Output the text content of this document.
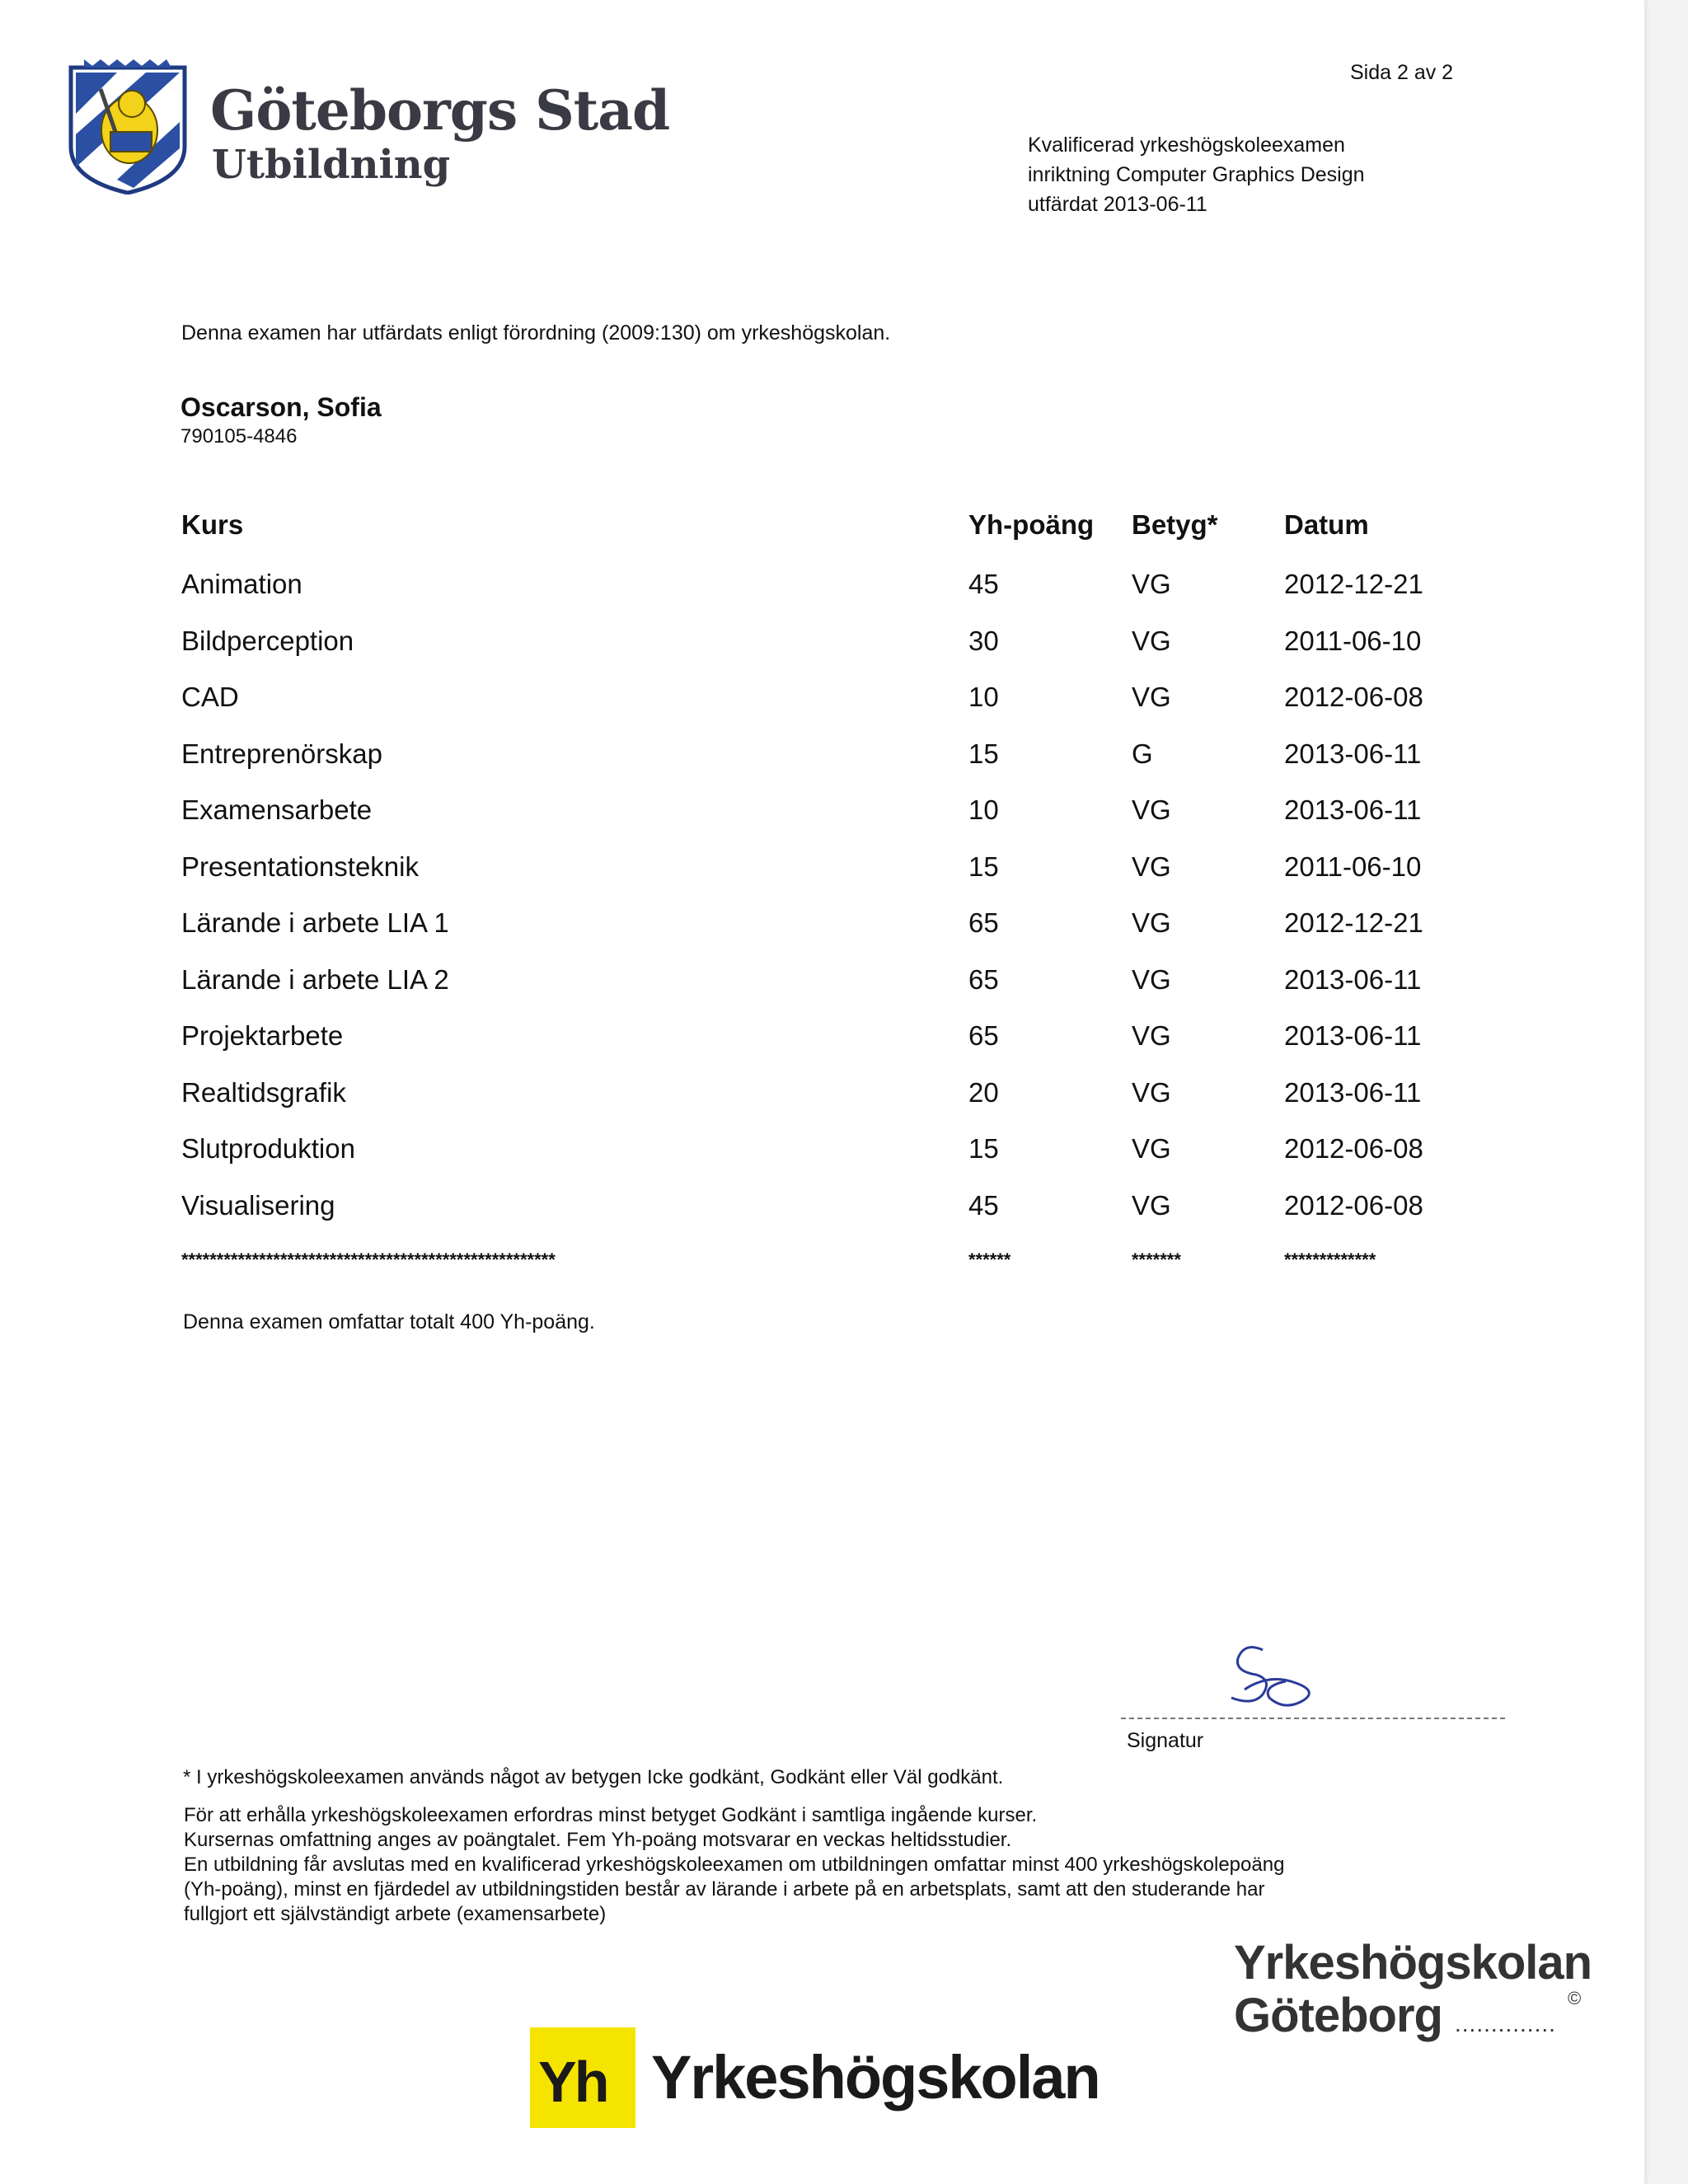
Göteborgs Stad
Utbildning
Sida 2 av 2
Kvalificerad yrkeshögskoleexamen
inriktning Computer Graphics Design
utfärdat 2013-06-11
Denna examen har utfärdats enligt förordning (2009:130) om yrkeshögskolan.
Oscarson, Sofia
790105-4846
Kurs	Yh-poäng Betyg* Datum
Animation	45	VG	2012-12-21
Bildperception	30	VG	2011-06-10
CAD	10	VG	2012-06-08
Entreprenörskap	15	G	2013-06-11
Examensarbete	10	VG	2013-06-11
Presentationsteknik	15	VG	2011-06-10
Lärande i arbete LIA 1	65	VG	2012-12-21
Lärande i arbete LIA 2	65	VG	2013-06-11
Projektarbete	65	VG	2013-06-11
Realtidsgrafik	20	VG	2013-06-11
Slutproduktion	15	VG	2012-06-08
Visualisering	45	VG	2012-06-08
*****************************************************	******	*******	*************
Denna examen omfattar totalt 400 Yh-poäng.
Signatur
* I yrkeshögskoleexamen används något av betygen Icke godkänt, Godkänt eller Väl godkänt.
För att erhålla yrkeshögskoleexamen erfordras minst betyget Godkänt i samtliga ingående kurser.
Kursernas omfattning anges av poängtalet. Fem Yh-poäng motsvarar en veckas heltidsstudier.
En utbildning får avslutas med en kvalificerad yrkeshögskoleexamen om utbildningen omfattar minst 400 yrkeshögskolepoäng
(Yh-poäng), minst en fjärdedel av utbildningstiden består av lärande i arbete på en arbetsplats, samt att den studerande har
fullgjort ett självständigt arbete (examensarbete)
Yrkeshögskolan
Göteborg ..............
©
Yh Yrkeshögskolan
